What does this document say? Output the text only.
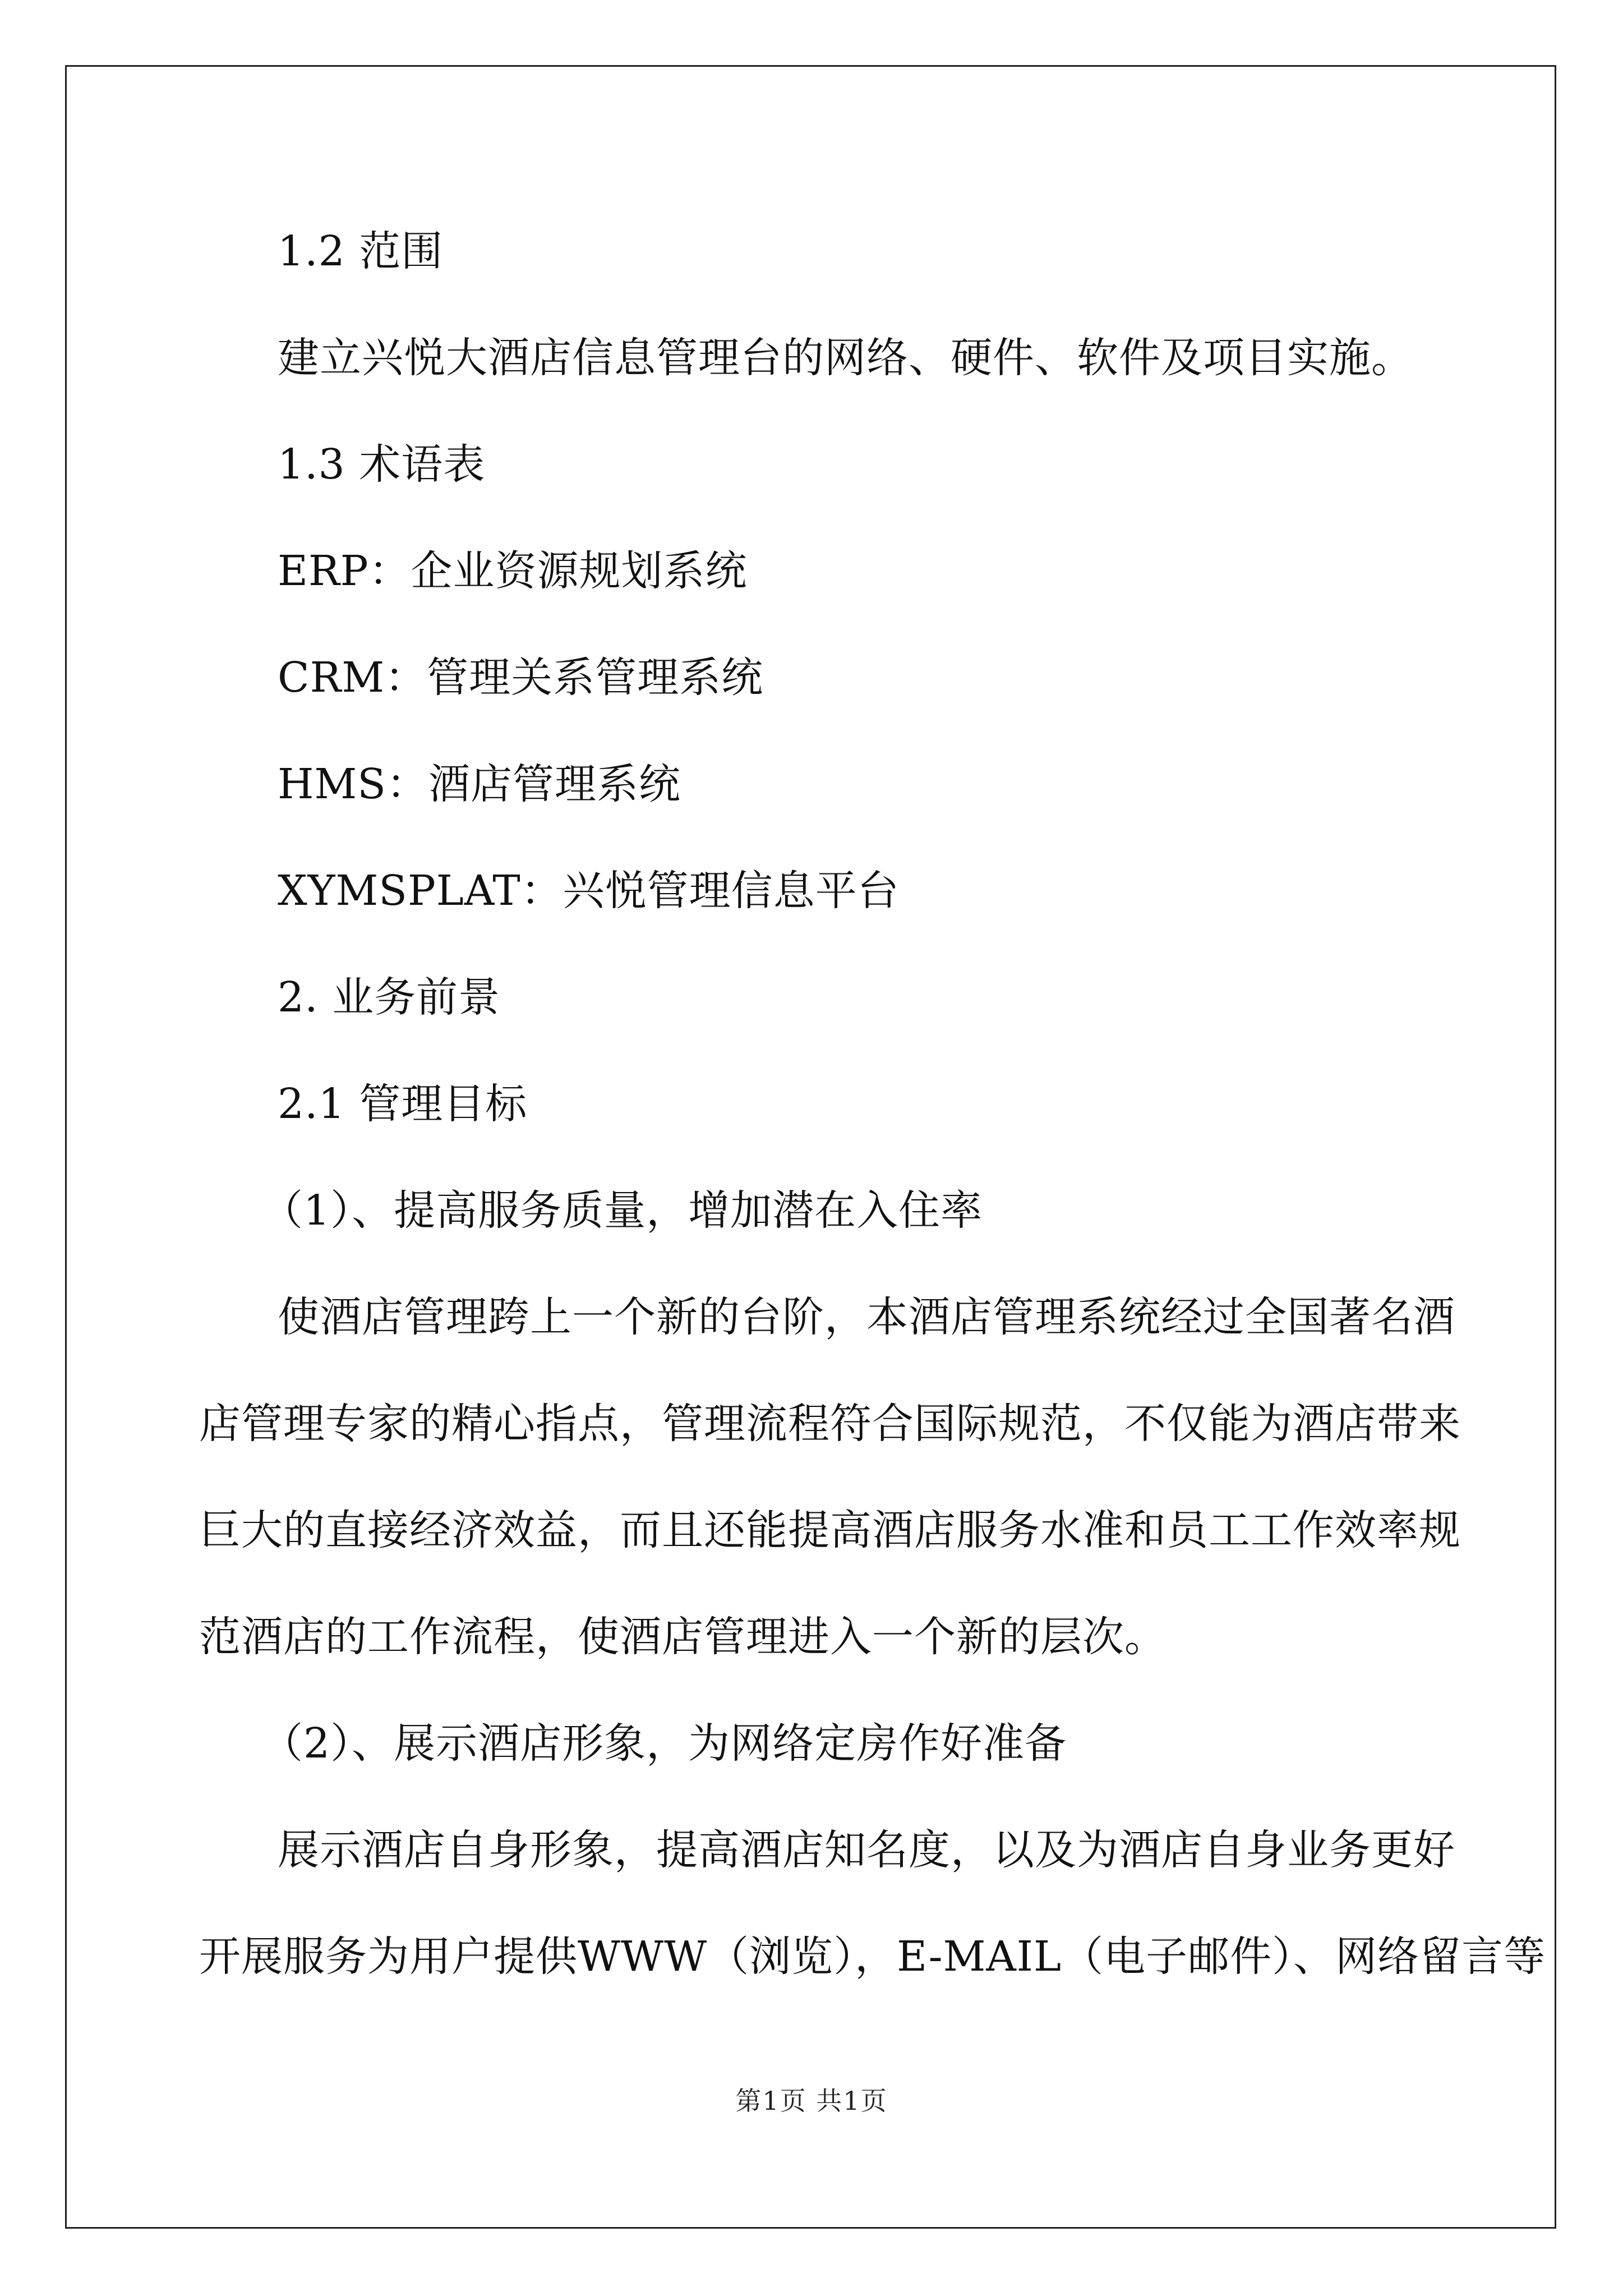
1.2 范围
建立兴悦大酒店信息管理台的网络、硬件、软件及项目实施。
1.3 术语表
ERP：企业资源规划系统
CRM：管理关系管理系统
HMS：酒店管理系统
XYMSPLAT：兴悦管理信息平台
2. 业务前景
2.1 管理目标
（1）、提高服务质量，增加潜在入住率
使酒店管理跨上一个新的台阶，本酒店管理系统经过全国著名酒
店管理专家的精心指点，管理流程符合国际规范，不仅能为酒店带来
巨大的直接经济效益，而且还能提高酒店服务水准和员工工作效率规
范酒店的工作流程，使酒店管理进入一个新的层次。
（2）、展示酒店形象，为网络定房作好准备
展示酒店自身形象，提高酒店知名度，以及为酒店自身业务更好
开展服务为用户提供WWW（浏览），E-MAIL（电子邮件）、网络留言等
第1页 共1页
